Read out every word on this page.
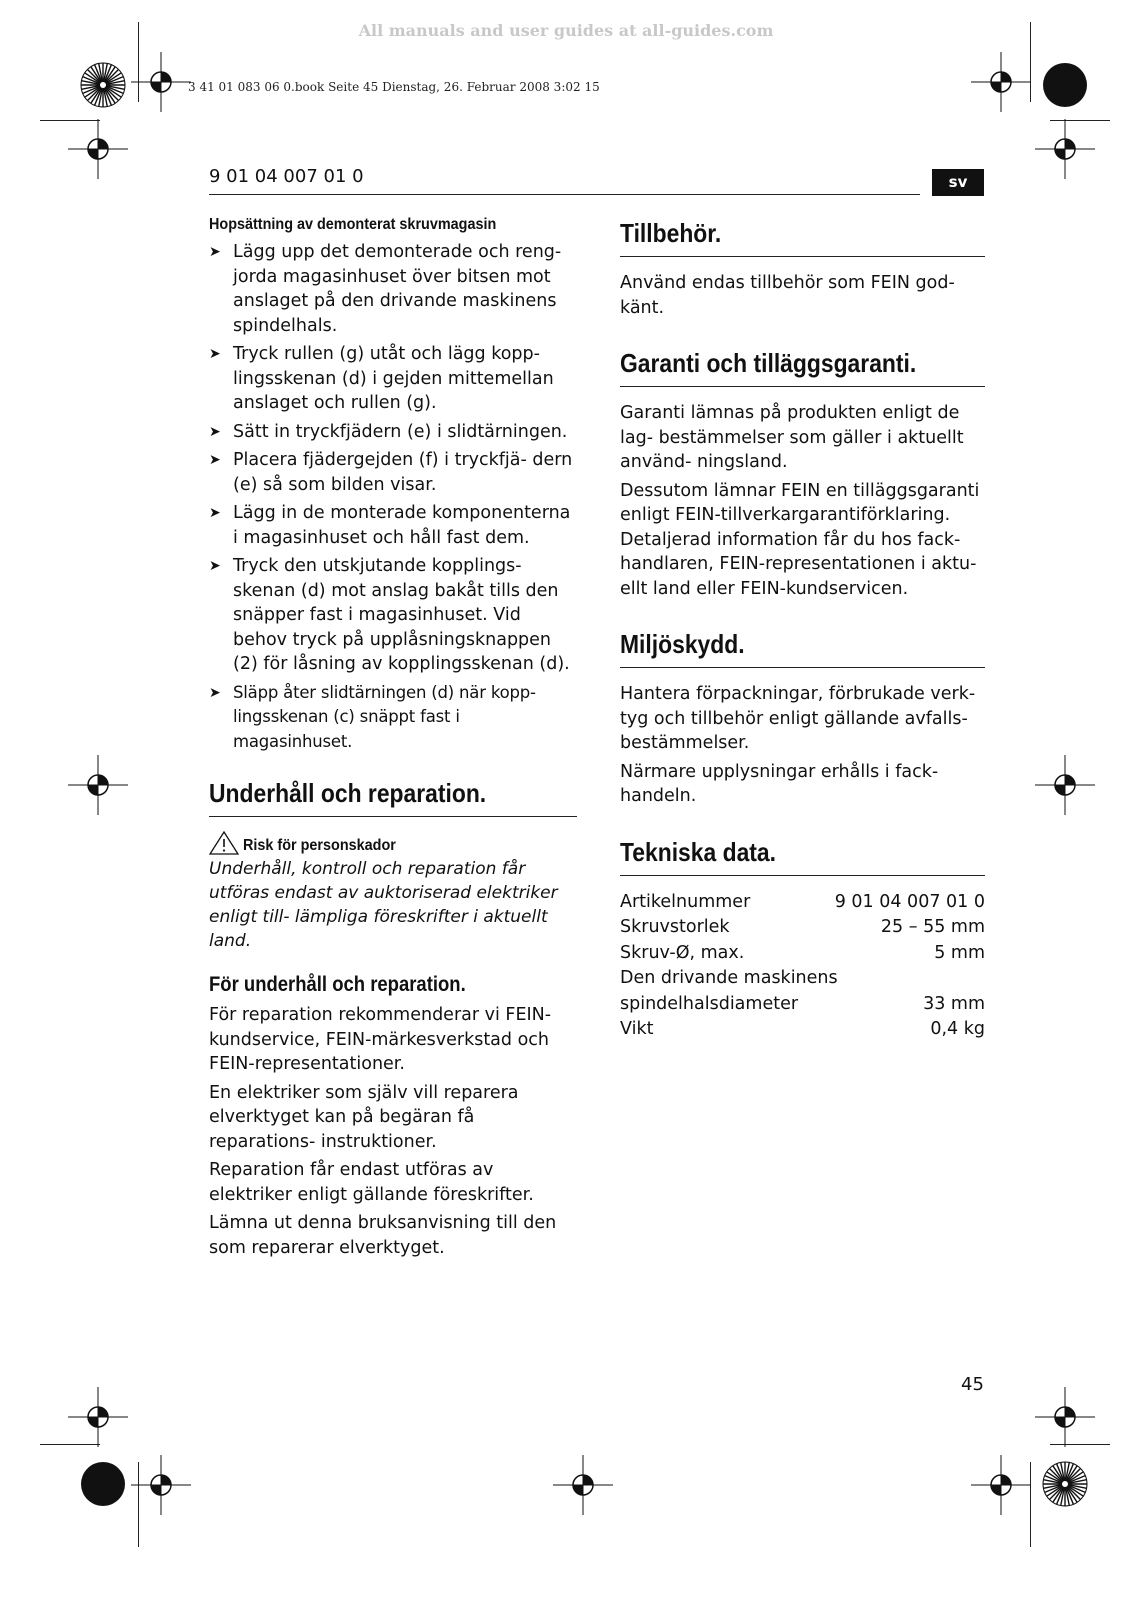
All manuals and user guides at all-guides.com
3 41 01 083 06 0.book Seite 45 Dienstag, 26. Februar 2008 3:02 15
9 01 04 007 01 0	sv
Hopsättning av demonterat skruvmagasin
➤ Lägg upp det demonterade och reng- jorda magasinhuset över bitsen mot anslaget på den drivande maskinens spindelhals.
➤ Tryck rullen (g) utåt och lägg kopp- lingsskenan (d) i gejden mittemellan anslaget och rullen (g).
➤ Sätt in tryckfjädern (e) i slidtärningen.
➤ Placera fjädergejden (f) i tryckfjä- dern (e) så som bilden visar.
➤ Lägg in de monterade komponenterna i magasinhuset och håll fast dem.
➤ Tryck den utskjutande kopplings- skenan (d) mot anslag bakåt tills den snäpper fast i magasinhuset. Vid behov tryck på upplåsningsknappen (2) för låsning av kopplingsskenan (d).
➤ Släpp åter slidtärningen (d) när kopp- lingsskenan (c) snäppt fast i magasinhuset.
Underhåll och reparation.
Risk för personskador

Underhåll, kontroll och reparation får utföras endast av auktoriserad elektriker enligt till- lämpliga föreskrifter i aktuellt land.

För underhåll och reparation.

För reparation rekommenderar vi FEIN- kundservice, FEIN-märkesverkstad och FEIN-representationer.

En elektriker som själv vill reparera elverktyget kan på begäran få reparations- instruktioner.

Reparation får endast utföras av elektriker enligt gällande föreskrifter.

Lämna ut denna bruksanvisning till den som reparerar elverktyget.

Tillbehör.

Använd endas tillbehör som FEIN god- känt.

Garanti och tilläggsgaranti.

Garanti lämnas på produkten enligt de lag- bestämmelser som gäller i aktuellt använd- ningsland.

Dessutom lämnar FEIN en tilläggsgaranti enligt FEIN-tillverkargarantiförklaring. Detaljerad information får du hos fack- handlaren, FEIN-representationen i aktu- ellt land eller FEIN-kundservicen.

Miljöskydd.

Hantera förpackningar, förbrukade verk- tyg och tillbehör enligt gällande avfalls- bestämmelser.

Närmare upplysningar erhålls i fack- handeln.

Tekniska data.
Artikelnummer	9 01 04 007 01 0
Skruvstorlek	25 – 55 mm
Skruv-Ø, max.	5 mm
Den drivande maskinens
spindelhalsdiameter	33 mm
Vikt	0,4 kg
45
